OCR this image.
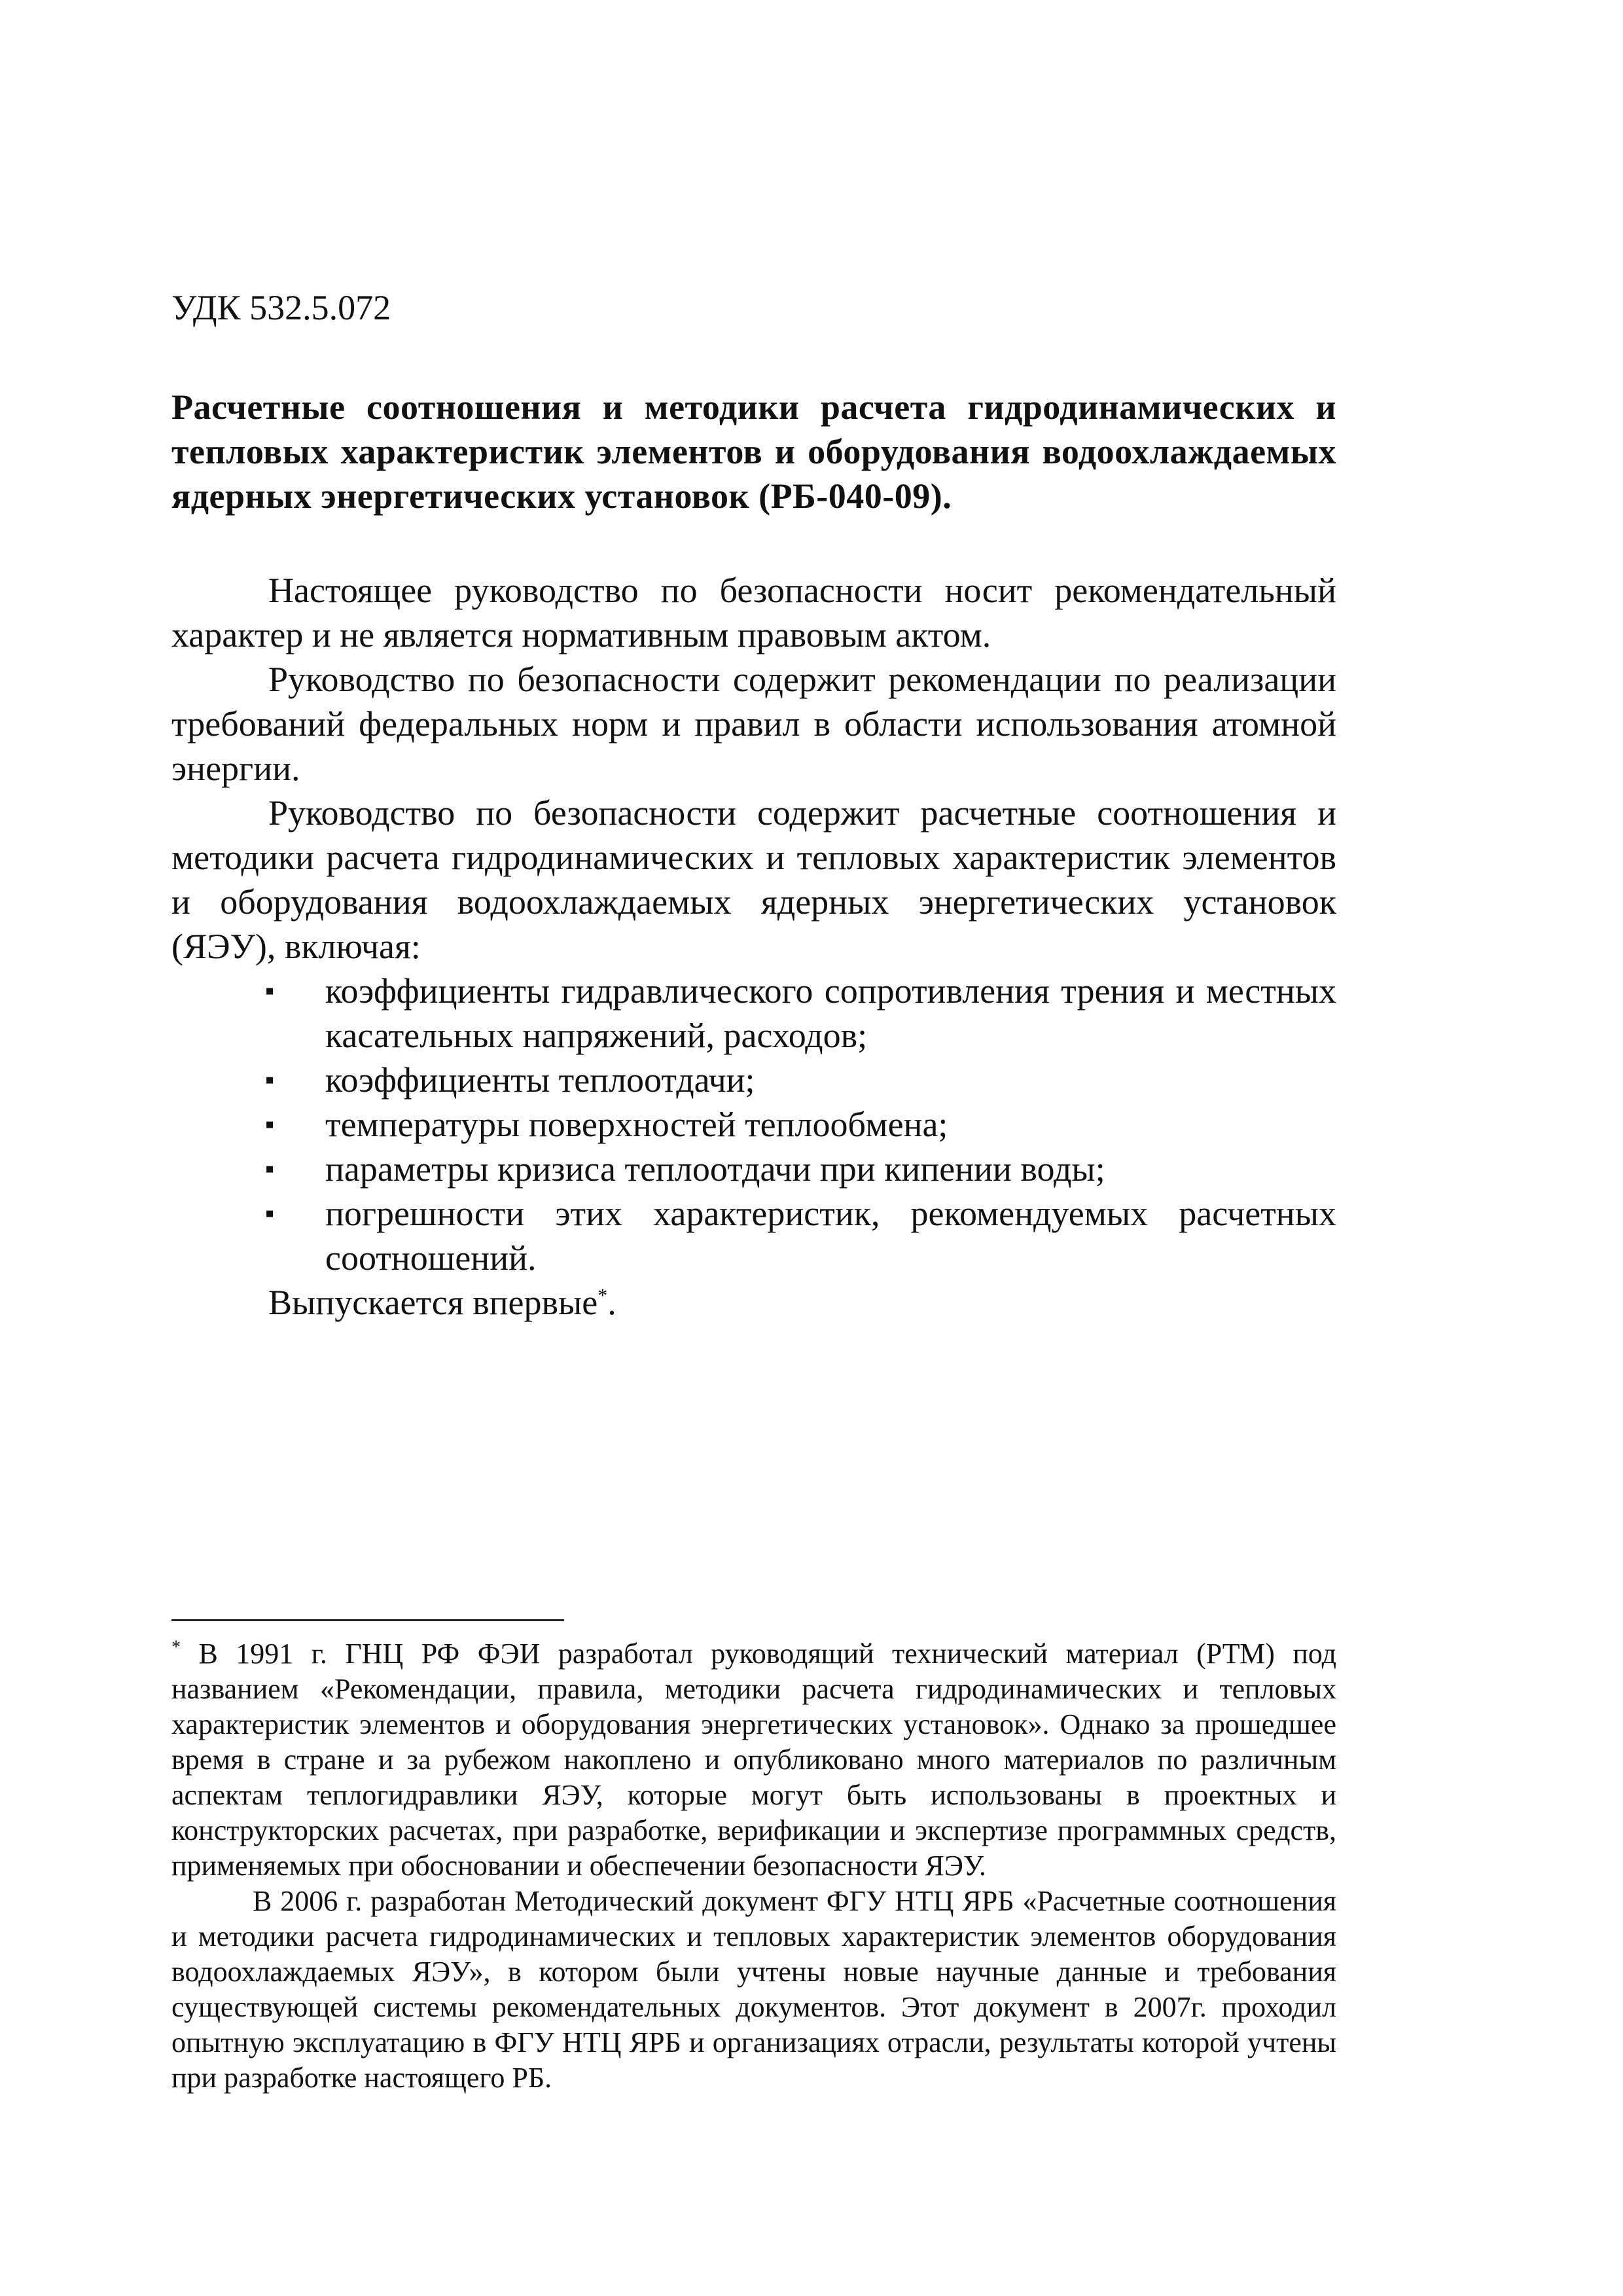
УДК 532.5.072
Расчетные соотношения и методики расчета гидродинамических и тепловых характеристик элементов и оборудования водоохлаждаемых ядерных энергетических установок (РБ-040-09).

Настоящее руководство по безопасности носит рекомендательный характер и не является нормативным правовым актом.

Руководство по безопасности содержит рекомендации по реализации требований федеральных норм и правил в области использования атомной энергии.

Руководство по безопасности содержит расчетные соотношения и методики расчета гидродинамических и тепловых характеристик элементов и оборудования водоохлаждаемых ядерных энергетических установок (ЯЭУ), включая:

▪ коэффициенты гидравлического сопротивления трения и местных касательных напряжений, расходов;
▪ коэффициенты теплоотдачи;
▪ температуры поверхностей теплообмена;
▪ параметры кризиса теплоотдачи при кипении воды;
▪ погрешности этих характеристик, рекомендуемых расчетных соотношений.

Выпускается впервые*.

* В 1991 г. ГНЦ РФ ФЭИ разработал руководящий технический материал (РТМ) под названием «Рекомендации, правила, методики расчета гидродинамических и тепловых характеристик элементов и оборудования энергетических установок». Однако за прошедшее время в стране и за рубежом накоплено и опубликовано много материалов по различным аспектам теплогидравлики ЯЭУ, которые могут быть использованы в проектных и конструкторских расчетах, при разработке, верификации и экспертизе программных средств, применяемых при обосновании и обеспечении безопасности ЯЭУ.

В 2006 г. разработан Методический документ ФГУ НТЦ ЯРБ «Расчетные соотношения и методики расчета гидродинамических и тепловых характеристик элементов оборудования водоохлаждаемых ЯЭУ», в котором были учтены новые научные данные и требования существующей системы рекомендательных документов. Этот документ в 2007г. проходил опытную эксплуатацию в ФГУ НТЦ ЯРБ и организациях отрасли, результаты которой учтены при разработке настоящего РБ.
